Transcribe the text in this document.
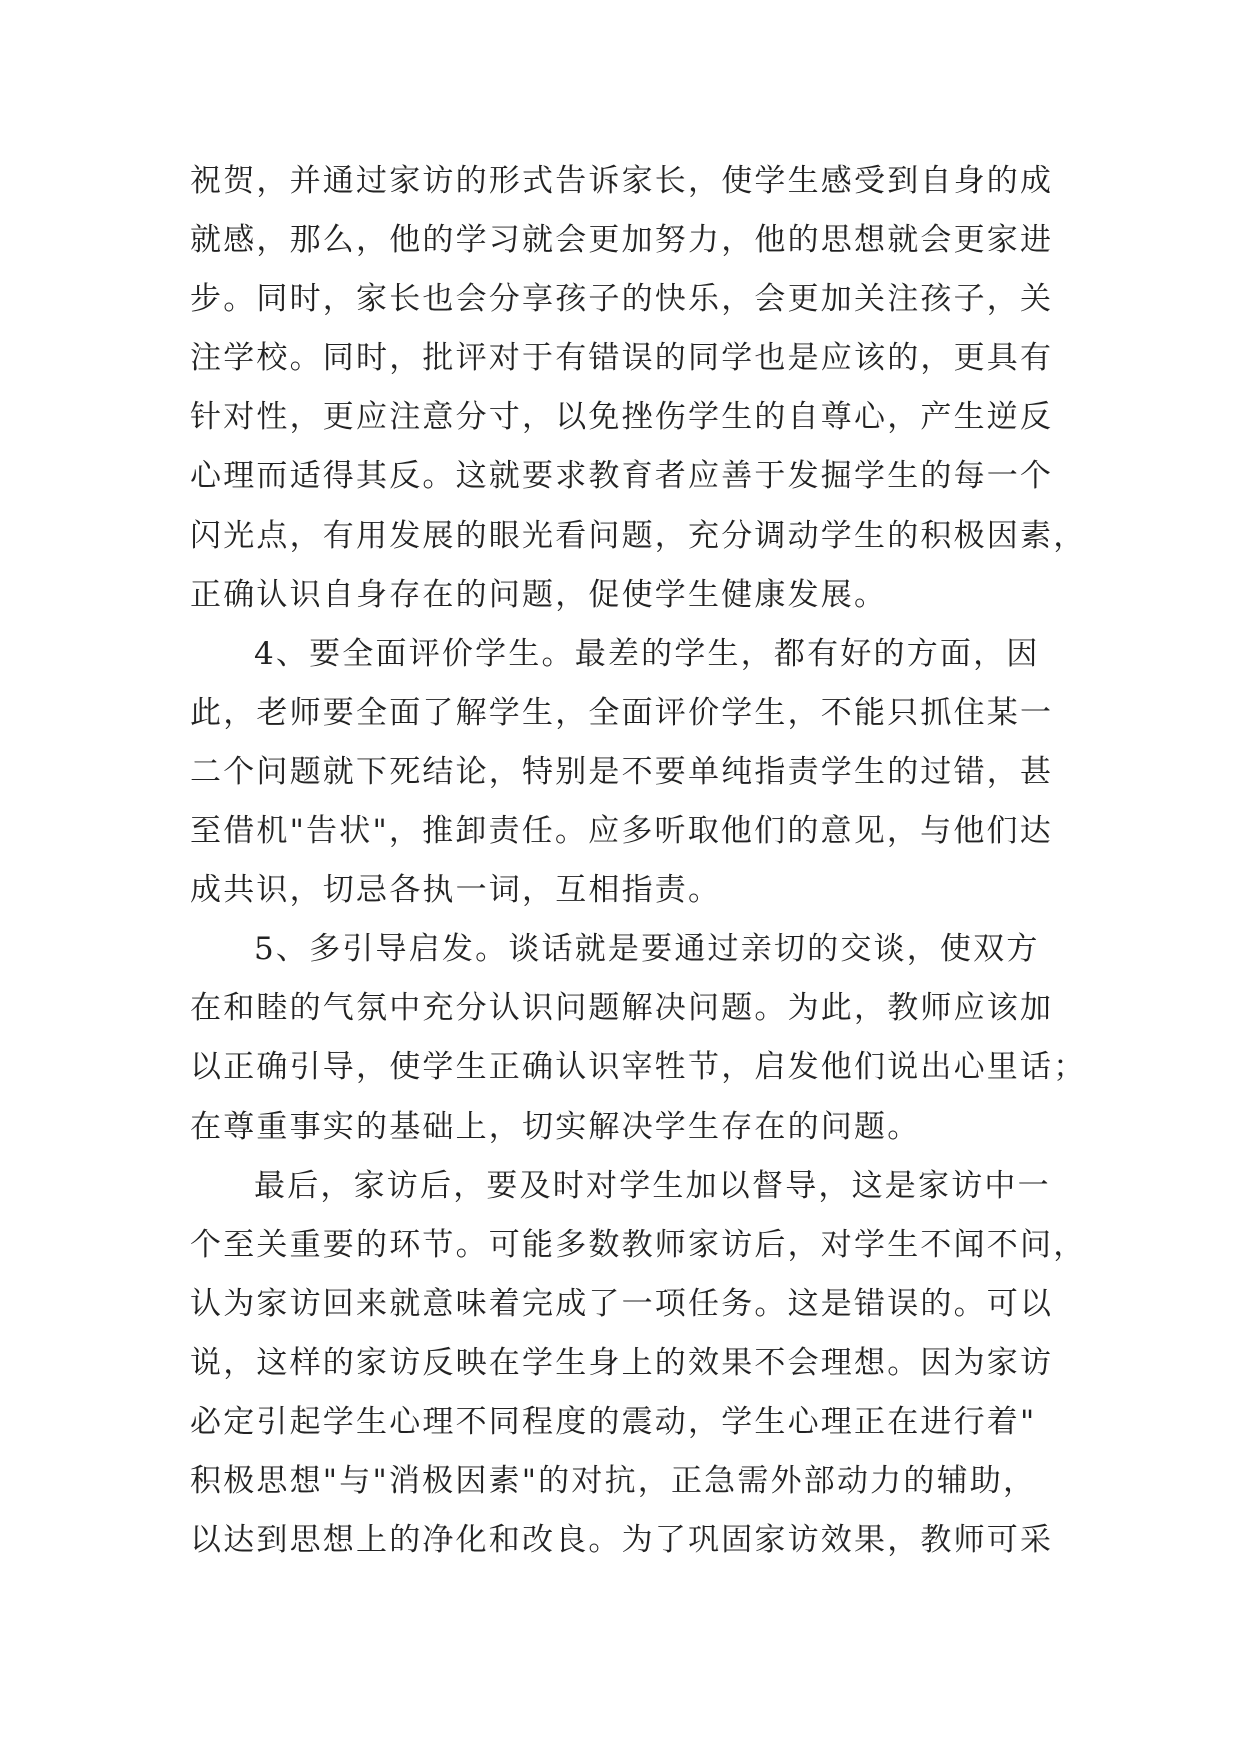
祝贺，并通过家访的形式告诉家长，使学生感受到自身的成
就感，那么，他的学习就会更加努力，他的思想就会更家进
步。同时，家长也会分享孩子的快乐，会更加关注孩子，关
注学校。同时，批评对于有错误的同学也是应该的，更具有
针对性，更应注意分寸，以免挫伤学生的自尊心，产生逆反
心理而适得其反。这就要求教育者应善于发掘学生的每一个
闪光点，有用发展的眼光看问题，充分调动学生的积极因素，
正确认识自身存在的问题，促使学生健康发展。
4、要全面评价学生。最差的学生，都有好的方面，因
此，老师要全面了解学生，全面评价学生，不能只抓住某一
二个问题就下死结论，特别是不要单纯指责学生的过错，甚
至借机"告状"，推卸责任。应多听取他们的意见，与他们达
成共识，切忌各执一词，互相指责。
5、多引导启发。谈话就是要通过亲切的交谈，使双方
在和睦的气氛中充分认识问题解决问题。为此，教师应该加
以正确引导，使学生正确认识宰牲节，启发他们说出心里话；
在尊重事实的基础上，切实解决学生存在的问题。
最后，家访后，要及时对学生加以督导，这是家访中一
个至关重要的环节。可能多数教师家访后，对学生不闻不问，
认为家访回来就意味着完成了一项任务。这是错误的。可以
说，这样的家访反映在学生身上的效果不会理想。因为家访
必定引起学生心理不同程度的震动，学生心理正在进行着"
积极思想"与"消极因素"的对抗，正急需外部动力的辅助，
以达到思想上的净化和改良。为了巩固家访效果，教师可采
